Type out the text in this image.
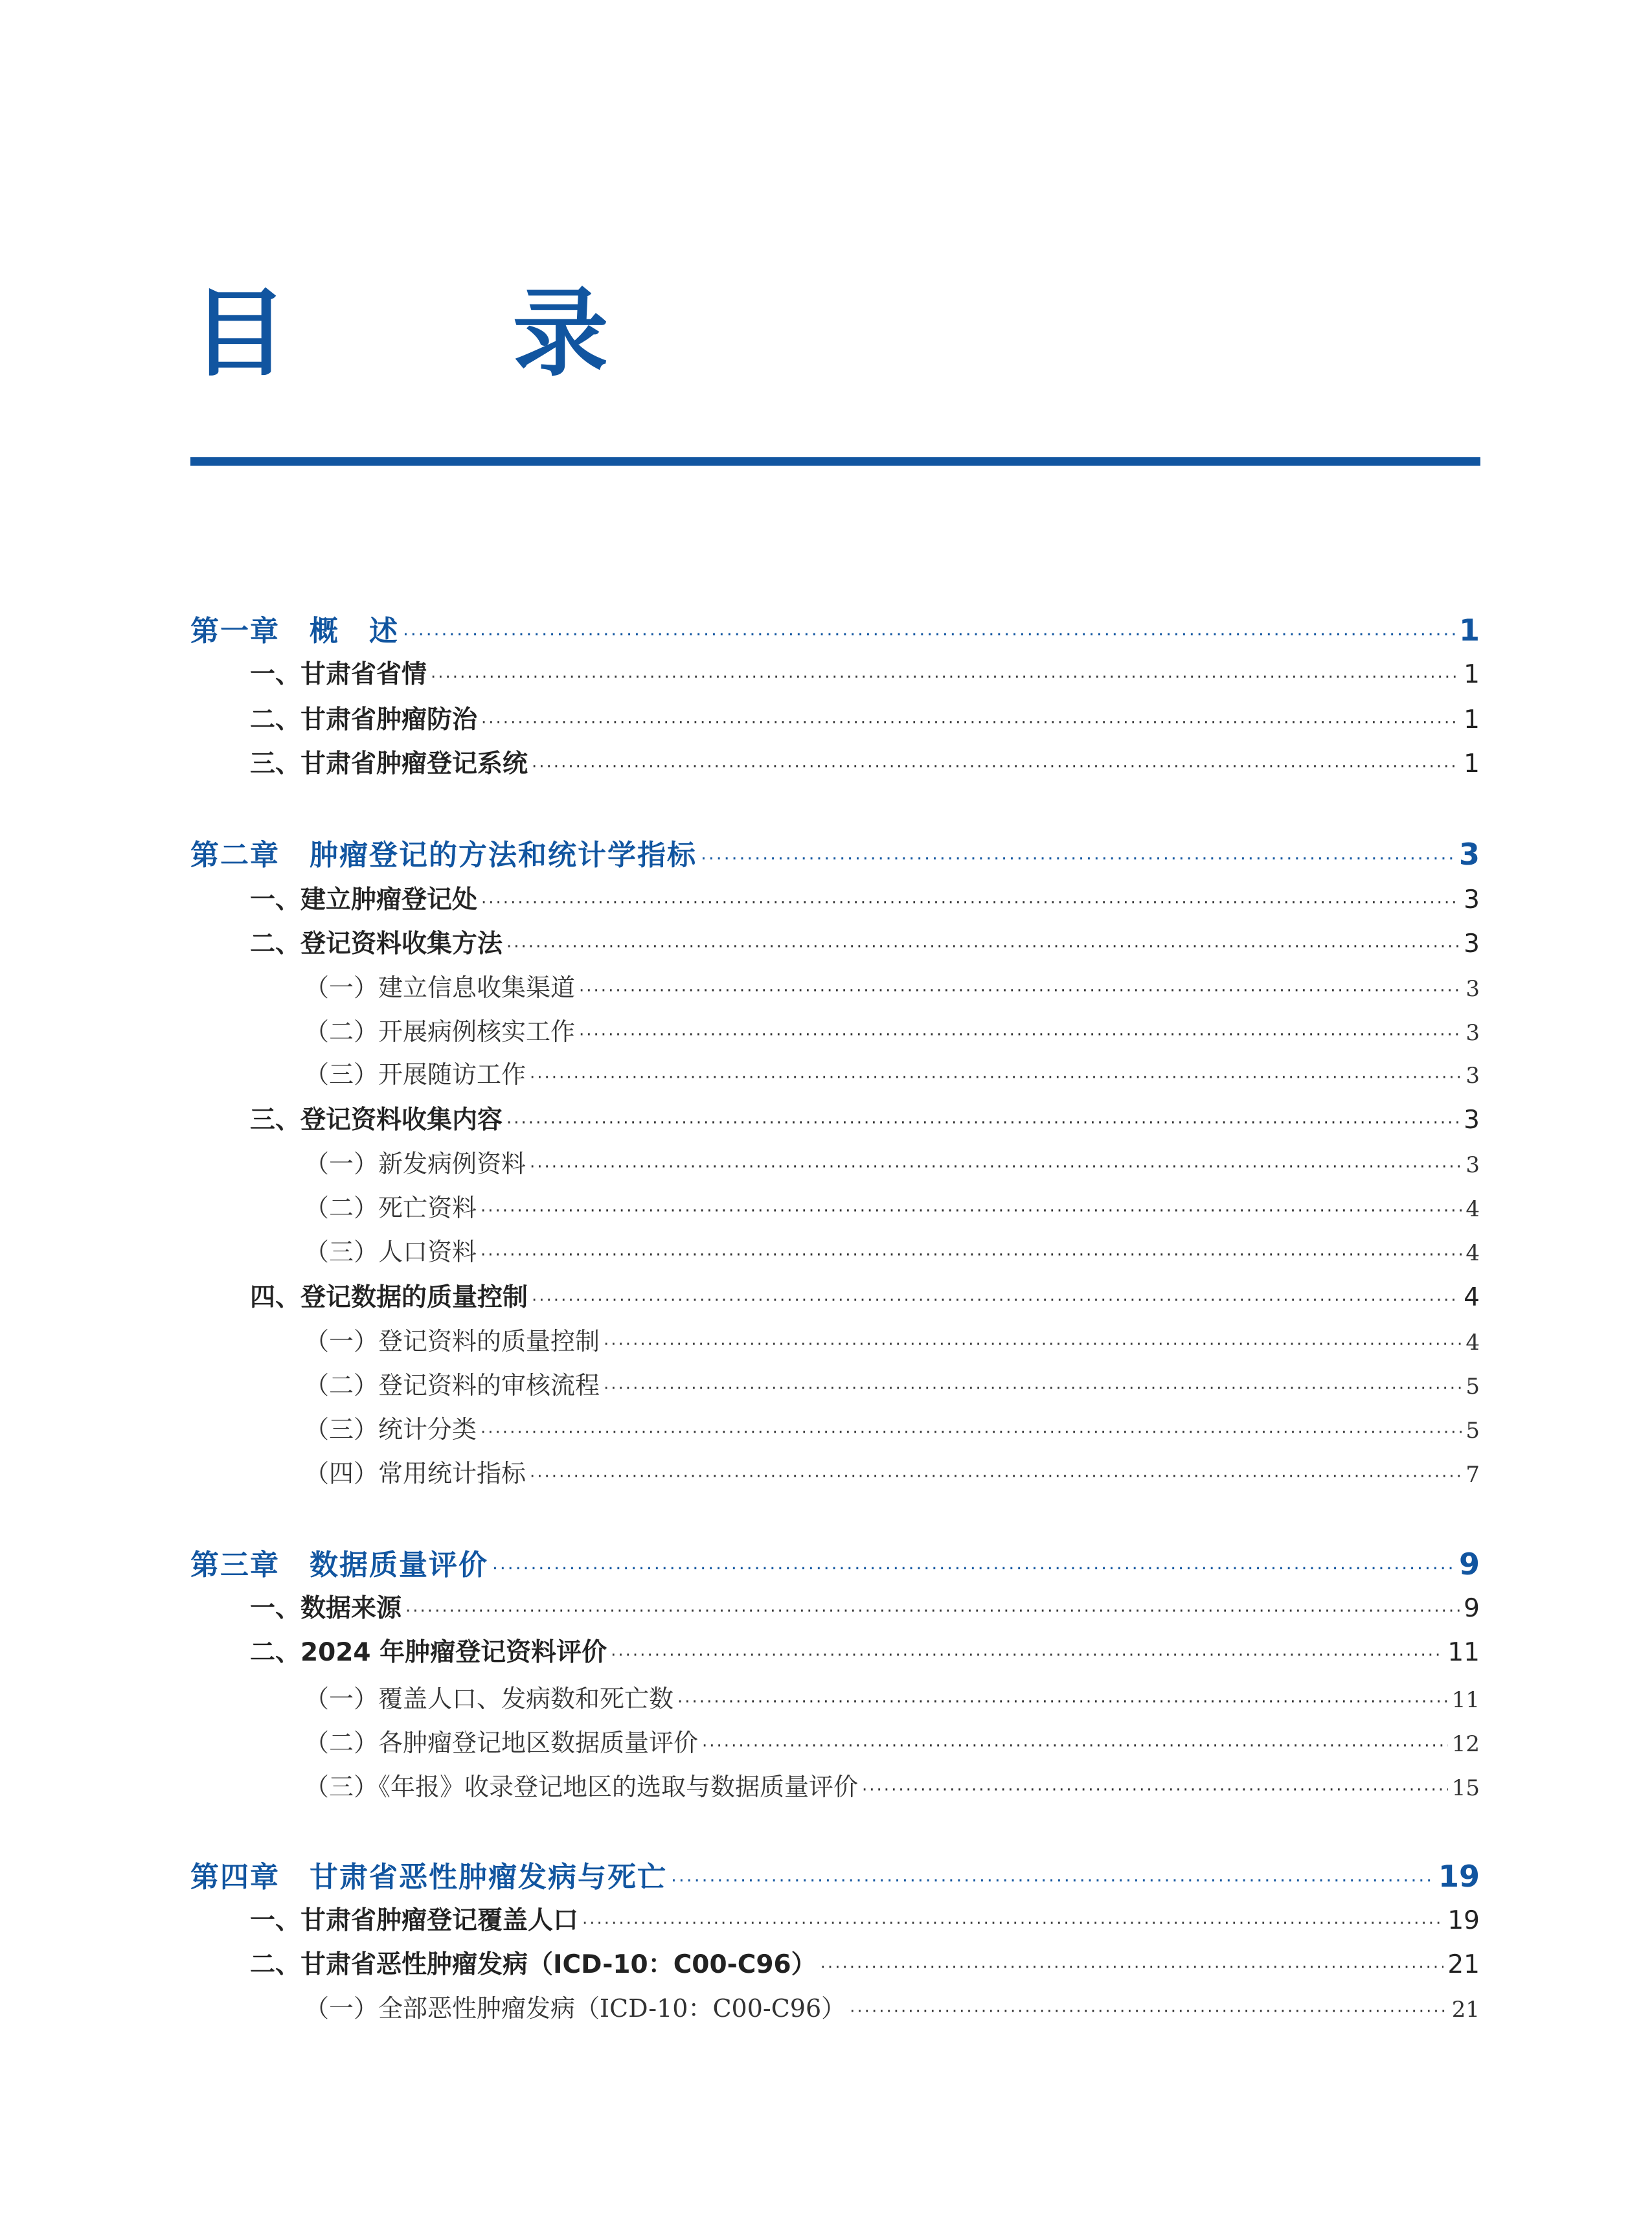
目 录
第一章　概　述 ·····	1
一、甘肃省省情 ·····	1
二、甘肃省肿瘤防治 ·····	1
三、甘肃省肿瘤登记系统 ·····	1
第二章　肿瘤登记的方法和统计学指标 ·····	3
一、建立肿瘤登记处 ·····	3
二、登记资料收集方法 ·····	3
（一）建立信息收集渠道 ·····	3
（二）开展病例核实工作 ·····	3
（三）开展随访工作 ·····	3
三、登记资料收集内容 ·····	3
（一）新发病例资料 ·····	3
（二）死亡资料 ·····	4
（三）人口资料 ·····	4
四、登记数据的质量控制 ·····	4
（一）登记资料的质量控制 ·····	4
（二）登记资料的审核流程 ·····	5
（三）统计分类 ·····	5
（四）常用统计指标 ·····	7
第三章　数据质量评价 ·····	9
一、数据来源 ·····	9
二、2024 年肿瘤登记资料评价 ·····	11
（一）覆盖人口、发病数和死亡数 ·····	11
（二）各肿瘤登记地区数据质量评价 ·····	12
（三）《年报》收录登记地区的选取与数据质量评价 ·····	15
第四章　甘肃省恶性肿瘤发病与死亡 ·····	19
一、甘肃省肿瘤登记覆盖人口 ·····	19
二、甘肃省恶性肿瘤发病（ICD-10：C00-C96） ·····	21
（一）全部恶性肿瘤发病（ICD-10：C00-C96） ·····	21
